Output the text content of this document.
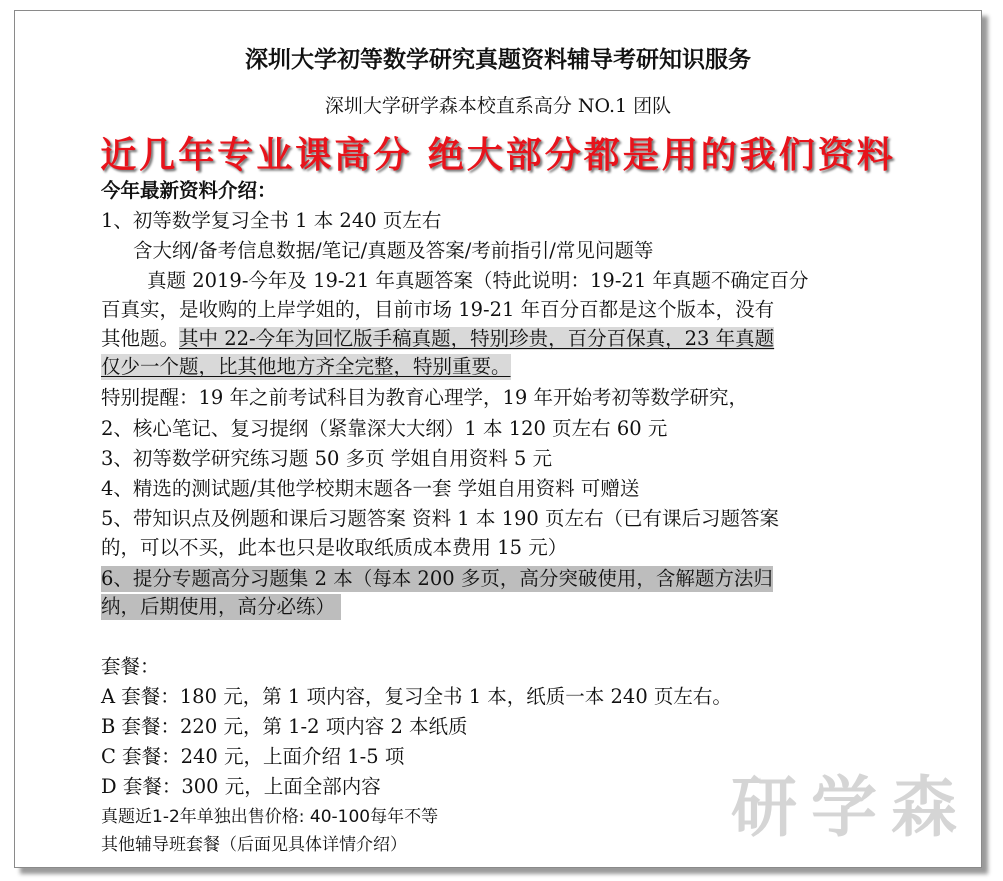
深圳大学初等数学研究真题资料辅导考研知识服务
深圳大学研学森本校直系高分 NO.1 团队
近几年专业课高分 绝大部分都是用的我们资料
今年最新资料介绍：
1、初等数学复习全书 1 本 240 页左右
含大纲/备考信息数据/笔记/真题及答案/考前指引/常见问题等
真题 2019-今年及 19-21 年真题答案（特此说明：19-21 年真题不确定百分
百真实，是收购的上岸学姐的，目前市场 19-21 年百分百都是这个版本，没有
其他题。其中 22-今年为回忆版手稿真题，特别珍贵，百分百保真，23 年真题
仅少一个题，比其他地方齐全完整，特别重要。
特别提醒：19 年之前考试科目为教育心理学，19 年开始考初等数学研究，
2、核心笔记、复习提纲（紧靠深大大纲）1 本 120 页左右 60 元
3、初等数学研究练习题 50 多页 学姐自用资料 5 元
4、精选的测试题/其他学校期末题各一套 学姐自用资料 可赠送
5、带知识点及例题和课后习题答案 资料 1 本 190 页左右（已有课后习题答案
的，可以不买，此本也只是收取纸质成本费用 15 元）
6、提分专题高分习题集 2 本（每本 200 多页，高分突破使用，含解题方法归
纳，后期使用，高分必练）
套餐：
A 套餐：180 元，第 1 项内容，复习全书 1 本，纸质一本 240 页左右。
B 套餐：220 元，第 1-2 项内容 2 本纸质
C 套餐：240 元，上面介绍 1-5 项
D 套餐：300 元，上面全部内容
真题近1-2年单独出售价格: 40-100每年不等
其他辅导班套餐（后面见具体详情介绍）	研学森
